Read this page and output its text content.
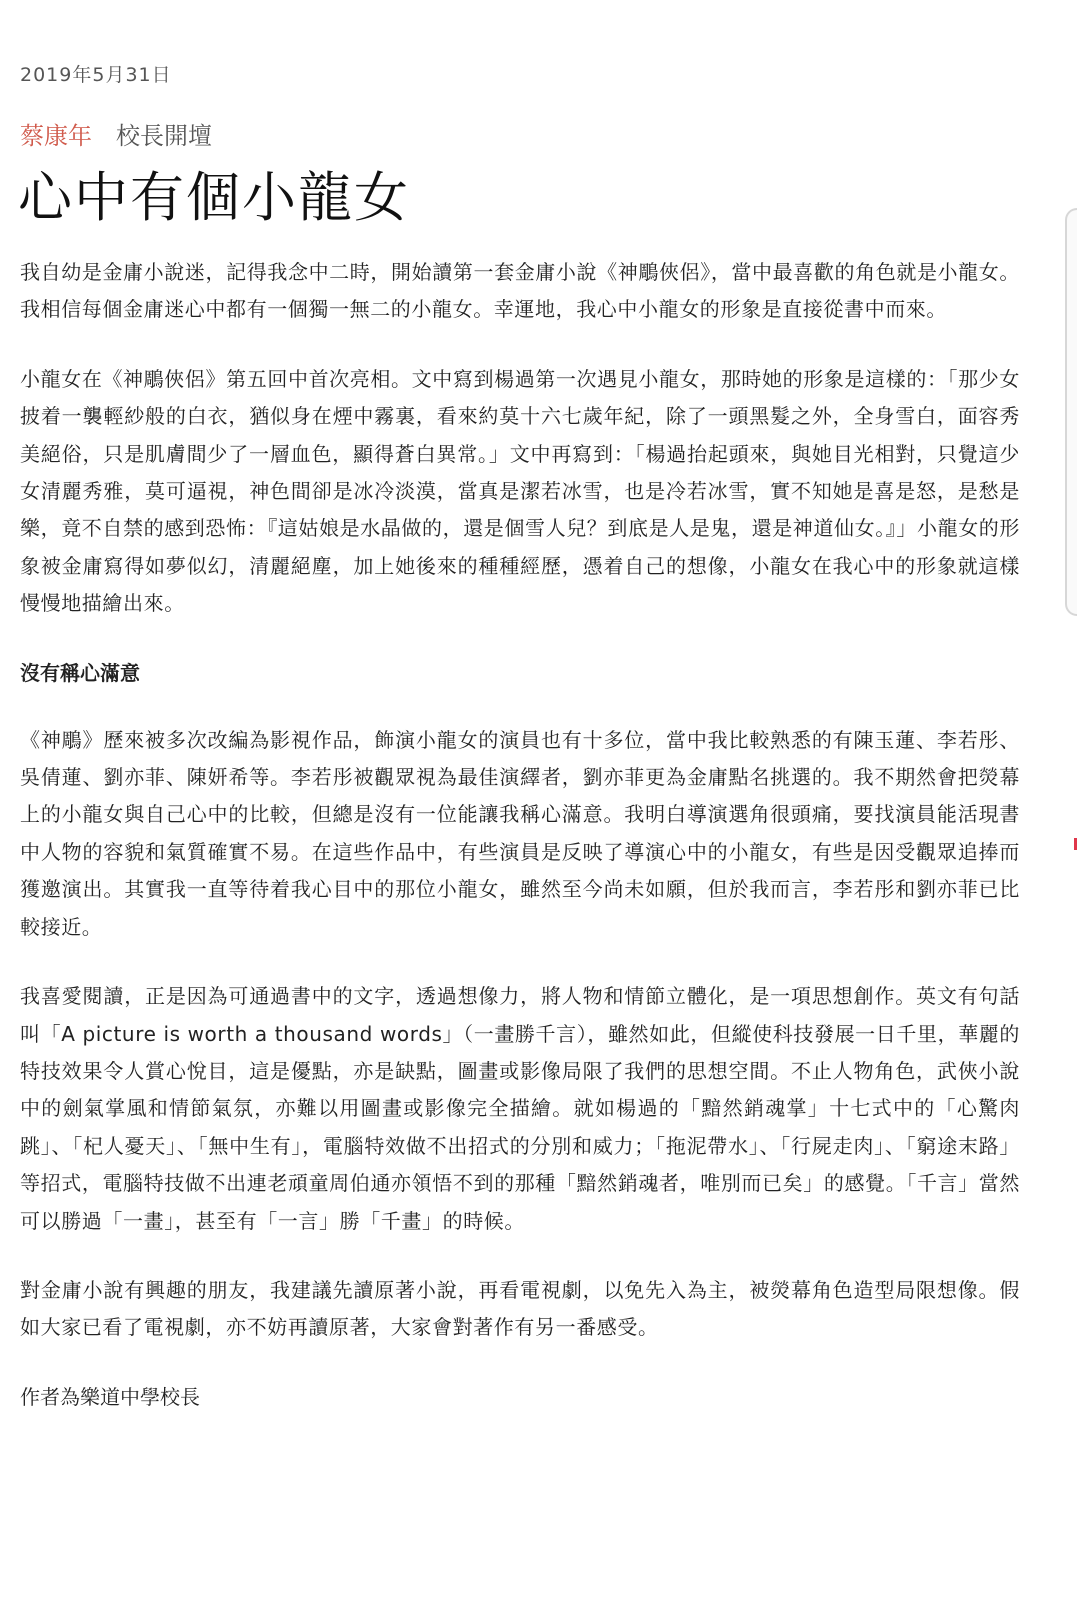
2019年5月31日
蔡康年 校長開壇
心中有個小龍女

我自幼是金庸小說迷，記得我念中二時，開始讀第一套金庸小說《神鵰俠侶》，當中最喜歡的角色就是小龍女。我相信每個金庸迷心中都有一個獨一無二的小龍女。幸運地，我心中小龍女的形象是直接從書中而來。

小龍女在《神鵰俠侶》第五回中首次亮相。文中寫到楊過第一次遇見小龍女，那時她的形象是這樣的：「那少女披着一襲輕紗般的白衣，猶似身在煙中霧裏，看來約莫十六七歲年紀，除了一頭黑髮之外，全身雪白，面容秀美絕俗，只是肌膚間少了一層血色，顯得蒼白異常。」文中再寫到：「楊過抬起頭來，與她目光相對，只覺這少女清麗秀雅，莫可逼視，神色間卻是冰冷淡漠，當真是潔若冰雪，也是冷若冰雪，實不知她是喜是怒，是愁是樂，竟不自禁的感到恐怖：『這姑娘是水晶做的，還是個雪人兒？到底是人是鬼，還是神道仙女。』」小龍女的形象被金庸寫得如夢似幻，清麗絕塵，加上她後來的種種經歷，憑着自己的想像，小龍女在我心中的形象就這樣慢慢地描繪出來。

沒有稱心滿意

《神鵰》歷來被多次改編為影視作品，飾演小龍女的演員也有十多位，當中我比較熟悉的有陳玉蓮、李若彤、吳倩蓮、劉亦菲、陳妍希等。李若彤被觀眾視為最佳演繹者，劉亦菲更為金庸點名挑選的。我不期然會把熒幕上的小龍女與自己心中的比較，但總是沒有一位能讓我稱心滿意。我明白導演選角很頭痛，要找演員能活現書中人物的容貌和氣質確實不易。在這些作品中，有些演員是反映了導演心中的小龍女，有些是因受觀眾追捧而獲邀演出。其實我一直等待着我心目中的那位小龍女，雖然至今尚未如願，但於我而言，李若彤和劉亦菲已比較接近。

我喜愛閱讀，正是因為可通過書中的文字，透過想像力，將人物和情節立體化，是一項思想創作。英文有句話叫「A picture is worth a thousand words」（一畫勝千言），雖然如此，但縱使科技發展一日千里，華麗的特技效果令人賞心悅目，這是優點，亦是缺點，圖畫或影像局限了我們的思想空間。不止人物角色，武俠小說中的劍氣掌風和情節氣氛，亦難以用圖畫或影像完全描繪。就如楊過的「黯然銷魂掌」十七式中的「心驚肉跳」、「杞人憂天」、「無中生有」，電腦特效做不出招式的分別和威力；「拖泥帶水」、「行屍走肉」、「窮途末路」等招式，電腦特技做不出連老頑童周伯通亦領悟不到的那種「黯然銷魂者，唯別而已矣」的感覺。「千言」當然可以勝過「一畫」，甚至有「一言」勝「千畫」的時候。

對金庸小說有興趣的朋友，我建議先讀原著小說，再看電視劇，以免先入為主，被熒幕角色造型局限想像。假如大家已看了電視劇，亦不妨再讀原著，大家會對著作有另一番感受。

作者為樂道中學校長
